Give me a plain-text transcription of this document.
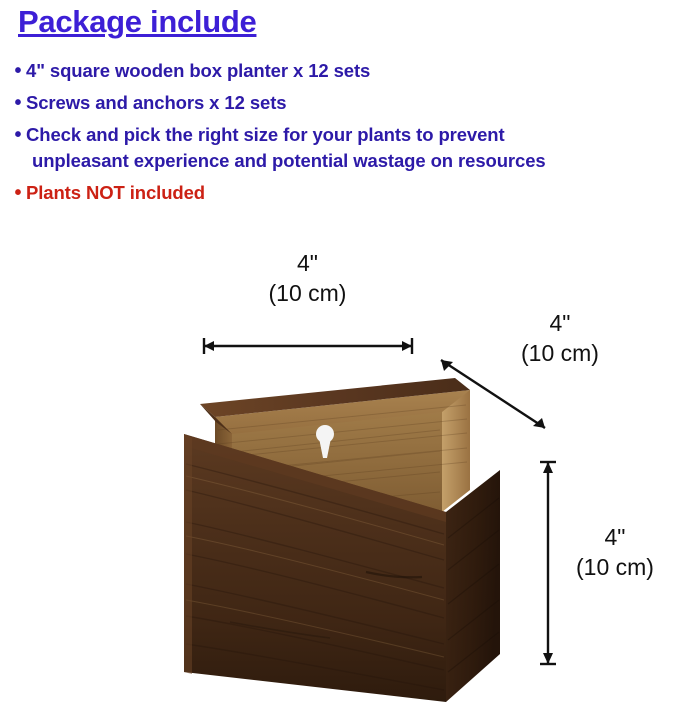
Package include
• 4" square wooden box planter x 12 sets
• Screws and anchors x 12 sets
• Check and pick the right size for your plants to prevent
unpleasant experience and potential wastage on resources
• Plants NOT included
4"
(10 cm)
4"
(10 cm)
4"
(10 cm)
